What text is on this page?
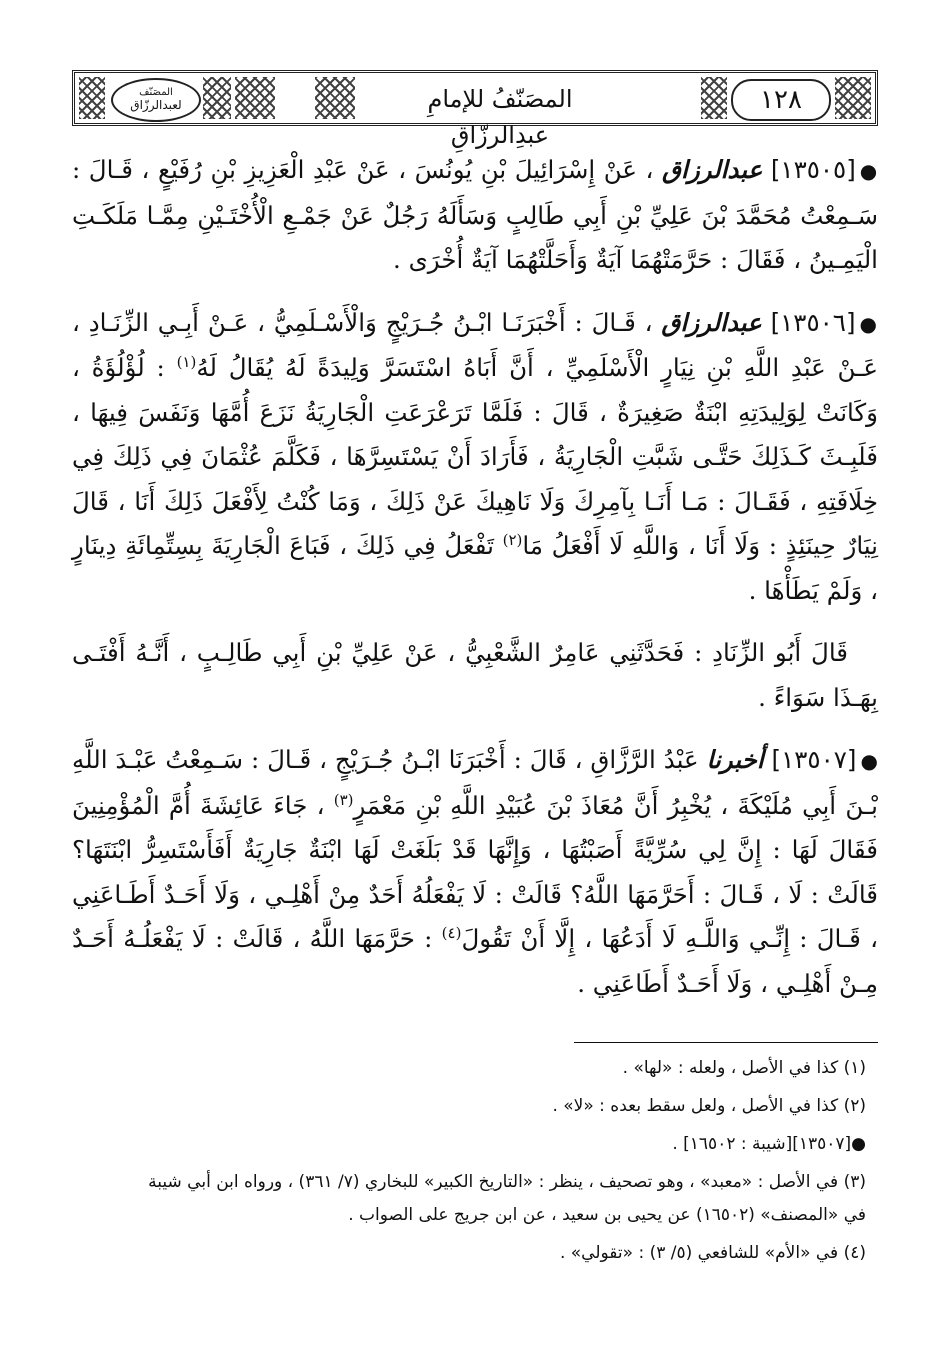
١٢٨
المصَنّفُ للإمامِ عبدِالرزّاقِ
المصَنّف
لعبدالرزّاق

●[١٣٥٠٥] عبدالرزاق ، عَنْ إِسْرَائِيلَ بْنِ يُونُسَ ، عَنْ عَبْدِ الْعَزِيزِ بْنِ رُفَيْعٍ ، قَـالَ : سَـمِعْتُ مُحَمَّدَ بْنَ عَلِيِّ بْنِ أَبِي طَالِبٍ وَسَأَلَهُ رَجُلٌ عَنْ جَمْـعِ الْأُخْتَـيْنِ مِمَّـا مَلَكَـتِ الْيَمِـينُ ، فَقَالَ : حَرَّمَتْهُمَا آيَةٌ وَأَحَلَّتْهُمَا آيَةٌ أُخْرَى .

●[١٣٥٠٦] عبدالرزاق ، قَـالَ : أَخْبَرَنَـا ابْـنُ جُـرَيْجٍ وَالْأَسْـلَمِيُّ ، عَـنْ أَبِـي الزِّنَـادِ ، عَـنْ عَبْدِ اللَّهِ بْنِ نِيَارٍ الْأَسْلَمِيِّ ، أَنَّ أَبَاهُ اسْتَسَرَّ وَلِيدَةً لَهُ يُقَالُ لَهُ$^{(١)}$ : لُؤْلُؤَةُ ، وَكَانَتْ لِوَلِيدَتِهِ ابْنَةٌ صَغِيرَةٌ ، قَالَ : فَلَمَّا تَرَعْرَعَتِ الْجَارِيَةُ نَزَعَ أُمَّهَا وَنَفَسَ فِيهَا ، فَلَبِـثَ كَـذَلِكَ حَتَّـى شَبَّتِ الْجَارِيَةُ ، فَأَرَادَ أَنْ يَسْتَسِرَّهَا ، فَكَلَّمَ عُثْمَانَ فِي ذَلِكَ فِي خِلَافَتِهِ ، فَقَـالَ : مَـا أَنَـا بِآمِرِكَ وَلَا نَاهِيكَ عَنْ ذَلِكَ ، وَمَا كُنْتُ لِأَفْعَلَ ذَلِكَ أَنَا ، قَالَ نِيَارٌ حِينَئِذٍ : وَلَا أَنَا ، وَاللَّهِ لَا أَفْعَلُ مَا$^{(٢)}$ تَفْعَلُ فِي ذَلِكَ ، فَبَاعَ الْجَارِيَةَ بِسِتِّمِائَةِ دِينَارٍ ، وَلَمْ يَطَأْهَا .

قَالَ أَبُو الزِّنَادِ : فَحَدَّثَنِي عَامِرٌ الشَّعْبِيُّ ، عَنْ عَلِيِّ بْنِ أَبِي طَالِـبٍ ، أَنَّـهُ أَفْتَـى بِهَـذَا سَوَاءً .

●[١٣٥٠٧] أخبرنا عَبْدُ الرَّزَّاقِ ، قَالَ : أَخْبَرَنَا ابْـنُ جُـرَيْجٍ ، قَـالَ : سَـمِعْتُ عَبْـدَ اللَّهِ بْـنَ أَبِي مُلَيْكَةَ ، يُخْبِرُ أَنَّ مُعَاذَ بْنَ عُبَيْدِ اللَّهِ بْنِ مَعْمَرٍ$^{(٣)}$ ، جَاءَ عَائِشَةَ أُمَّ الْمُؤْمِنِينَ فَقَالَ لَهَا : إِنَّ لِي سُرِّيَّةً أَصَبْتُهَا ، وَإِنَّهَا قَدْ بَلَغَتْ لَهَا ابْنَةٌ جَارِيَةٌ أَفَأَسْتَسِرُّ ابْنَتَهَا؟ قَالَتْ : لَا ، قَـالَ : أَحَرَّمَهَا اللَّهُ؟ قَالَتْ : لَا يَفْعَلُهُ أَحَدٌ مِنْ أَهْلِـي ، وَلَا أَحَـدٌ أَطَـاعَنِي ، قَـالَ : إِنِّـي وَاللَّـهِ لَا أَدَعُهَا ، إِلَّا أَنْ تَقُولَ$^{(٤)}$ : حَرَّمَهَا اللَّهُ ، قَالَتْ : لَا يَفْعَلُـهُ أَحَـدٌ مِـنْ أَهْلِـي ، وَلَا أَحَـدٌ أَطَاعَنِي .

(١) كذا في الأصل ، ولعله : «لها» .

(٢) كذا في الأصل ، ولعل سقط بعده : «لا» .

●[١٣٥٠٧][شيبة : ١٦٥٠٢] .

(٣) في الأصل : «معبد» ، وهو تصحيف ، ينظر : «التاريخ الكبير» للبخاري (٧/ ٣٦١) ، ورواه ابن أبي شيبة
في «المصنف» (١٦٥٠٢) عن يحيى بن سعيد ، عن ابن جريج على الصواب .

(٤) في «الأم» للشافعي (٥/ ٣) : «تقولي» .
